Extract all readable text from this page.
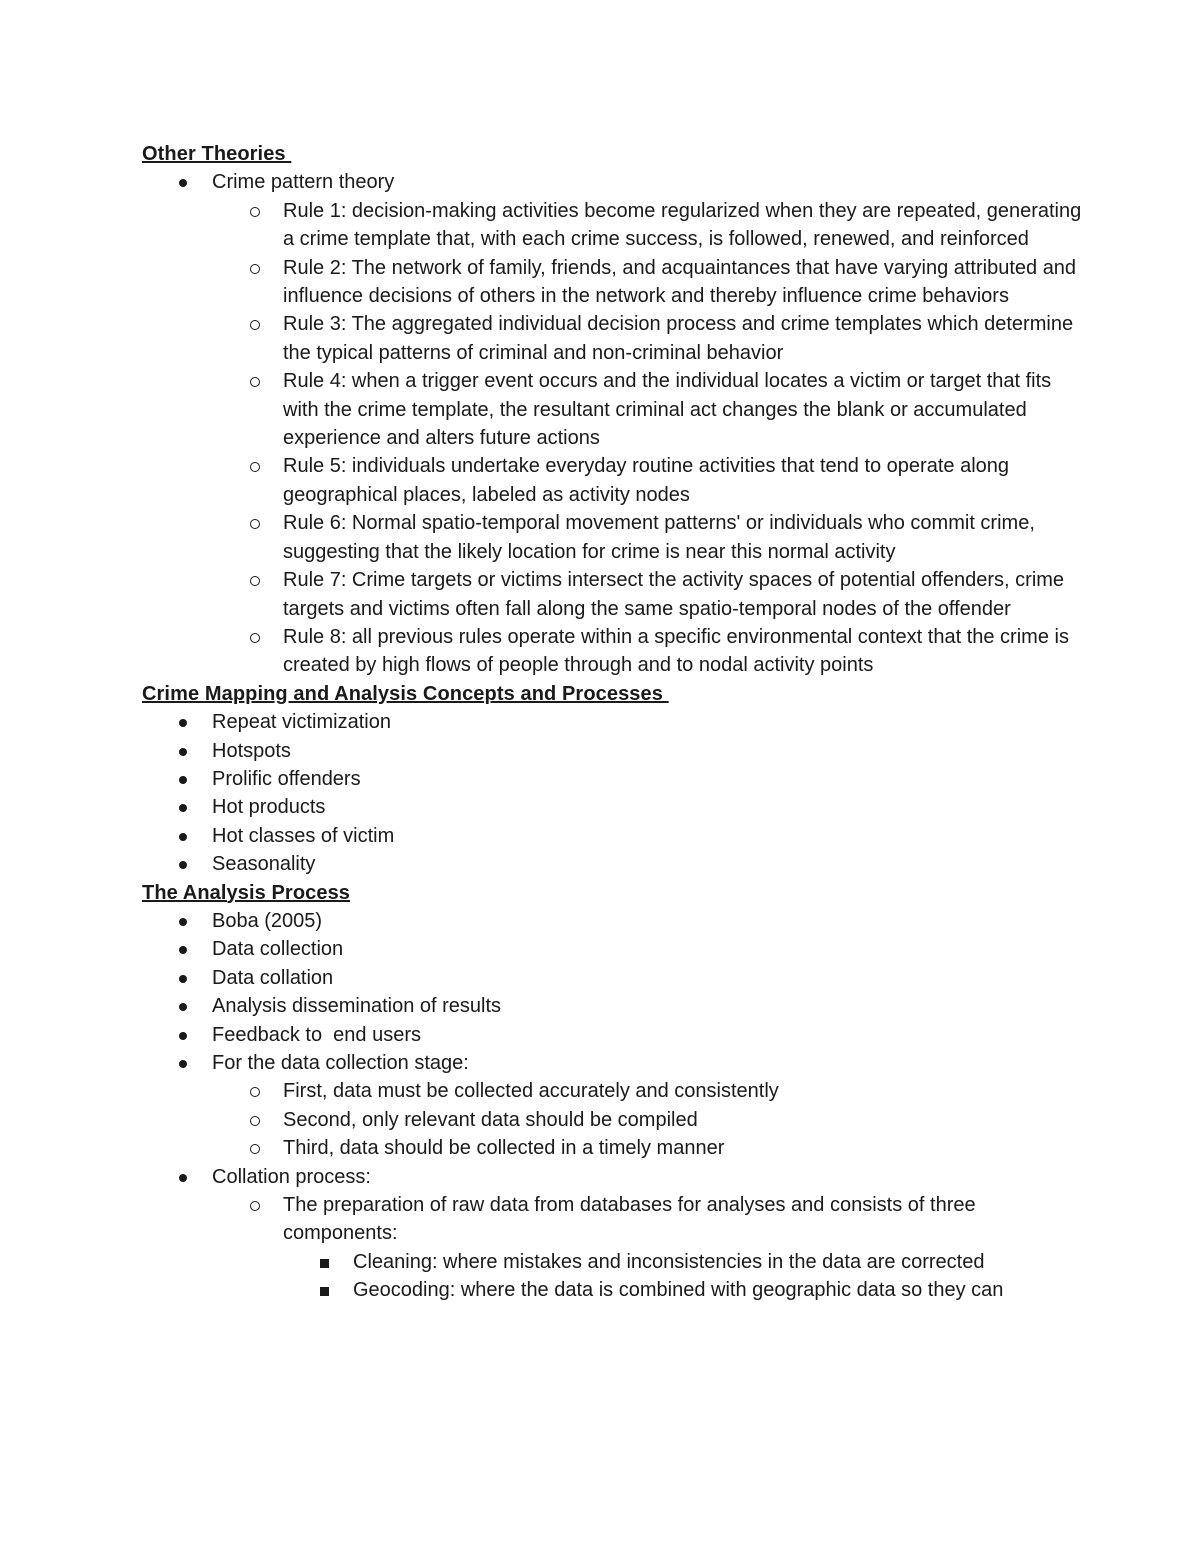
Other Theories
Crime pattern theory
Rule 1: decision-making activities become regularized when they are repeated, generating a crime template that, with each crime success, is followed, renewed, and reinforced
Rule 2: The network of family, friends, and acquaintances that have varying attributed and influence decisions of others in the network and thereby influence crime behaviors
Rule 3: The aggregated individual decision process and crime templates which determine the typical patterns of criminal and non-criminal behavior
Rule 4: when a trigger event occurs and the individual locates a victim or target that fits with the crime template, the resultant criminal act changes the blank or accumulated experience and alters future actions
Rule 5: individuals undertake everyday routine activities that tend to operate along geographical places, labeled as activity nodes
Rule 6: Normal spatio-temporal movement patterns' or individuals who commit crime, suggesting that the likely location for crime is near this normal activity
Rule 7: Crime targets or victims intersect the activity spaces of potential offenders, crime targets and victims often fall along the same spatio-temporal nodes of the offender
Rule 8: all previous rules operate within a specific environmental context that the crime is created by high flows of people through and to nodal activity points
Crime Mapping and Analysis Concepts and Processes
Repeat victimization
Hotspots
Prolific offenders
Hot products
Hot classes of victim
Seasonality
The Analysis Process
Boba (2005)
Data collection
Data collation
Analysis dissemination of results
Feedback to  end users
For the data collection stage:
First, data must be collected accurately and consistently
Second, only relevant data should be compiled
Third, data should be collected in a timely manner
Collation process:
The preparation of raw data from databases for analyses and consists of three components:
Cleaning: where mistakes and inconsistencies in the data are corrected
Geocoding: where the data is combined with geographic data so they can
